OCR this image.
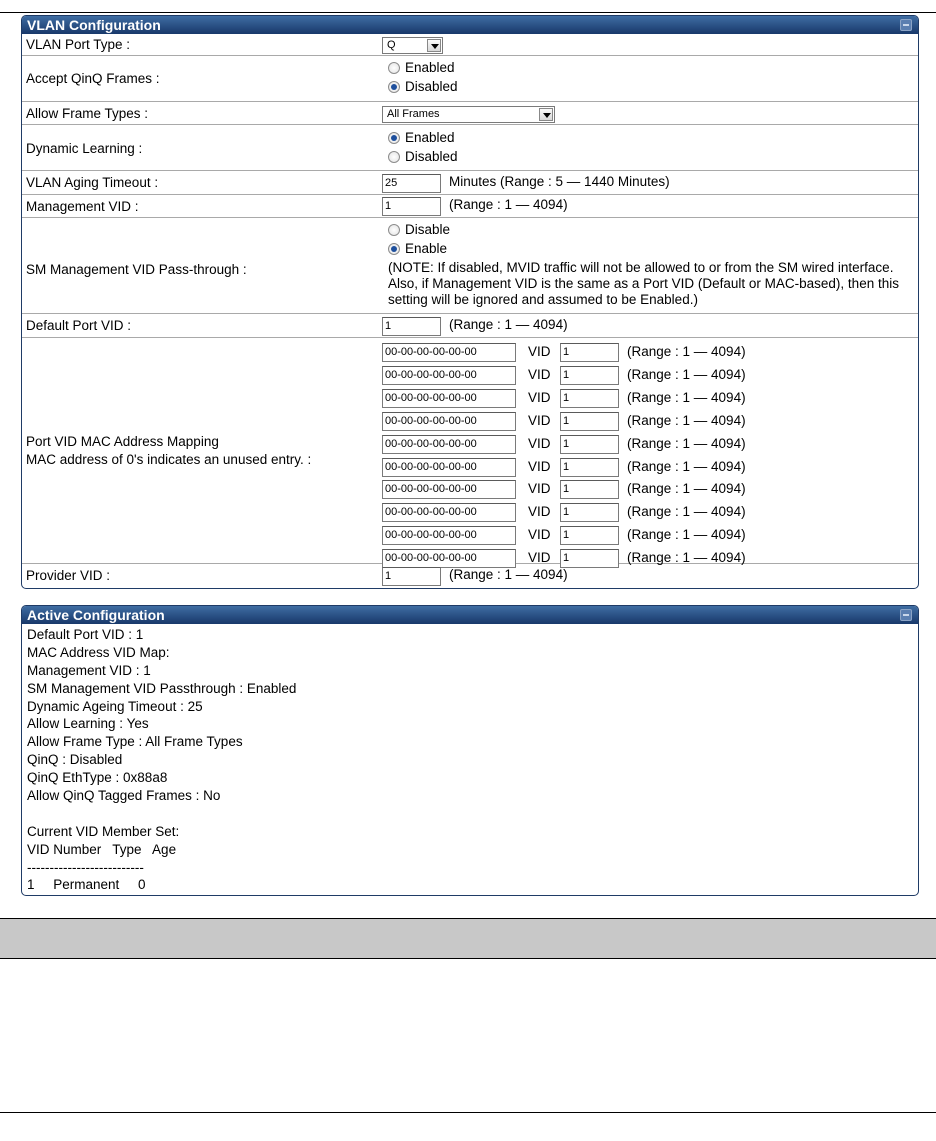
VLAN Configuration
VLAN Port Type :	Q
Accept QinQ Frames :
Enabled
Disabled
Allow Frame Types :	All Frames
Dynamic Learning :
Enabled
Disabled
VLAN Aging Timeout :	25	Minutes (Range : 5 — 1440 Minutes)
Management VID :	1	(Range : 1 — 4094)
SM Management VID Pass-through :
Disable
Enable
(NOTE: If disabled, MVID traffic will not be allowed to or from the SM wired interface. Also, if Management VID is the same as a Port VID (Default or MAC-based), then this setting will be ignored and assumed to be Enabled.)
Default Port VID :	1	(Range : 1 — 4094)
Port VID MAC Address Mapping
MAC address of 0's indicates an unused entry. :
00-00-00-00-00-00	VID 1	(Range : 1 — 4094)
00-00-00-00-00-00	VID 1	(Range : 1 — 4094)
00-00-00-00-00-00	VID 1	(Range : 1 — 4094)
00-00-00-00-00-00	VID 1	(Range : 1 — 4094)
00-00-00-00-00-00	VID 1	(Range : 1 — 4094)
00-00-00-00-00-00	VID 1	(Range : 1 — 4094)
00-00-00-00-00-00	VID 1	(Range : 1 — 4094)
00-00-00-00-00-00	VID 1	(Range : 1 — 4094)
00-00-00-00-00-00	VID 1	(Range : 1 — 4094)
00-00-00-00-00-00	VID 1	(Range : 1 — 4094)
Provider VID :	1	(Range : 1 — 4094)
Active Configuration
Default Port VID : 1
MAC Address VID Map:
Management VID : 1
SM Management VID Passthrough : Enabled
Dynamic Ageing Timeout : 25
Allow Learning : Yes
Allow Frame Type : All Frame Types
QinQ : Disabled
QinQ EthType : 0x88a8
Allow QinQ Tagged Frames : No
Current VID Member Set:
VID Number   Type   Age
--------------------------
1     Permanent     0
